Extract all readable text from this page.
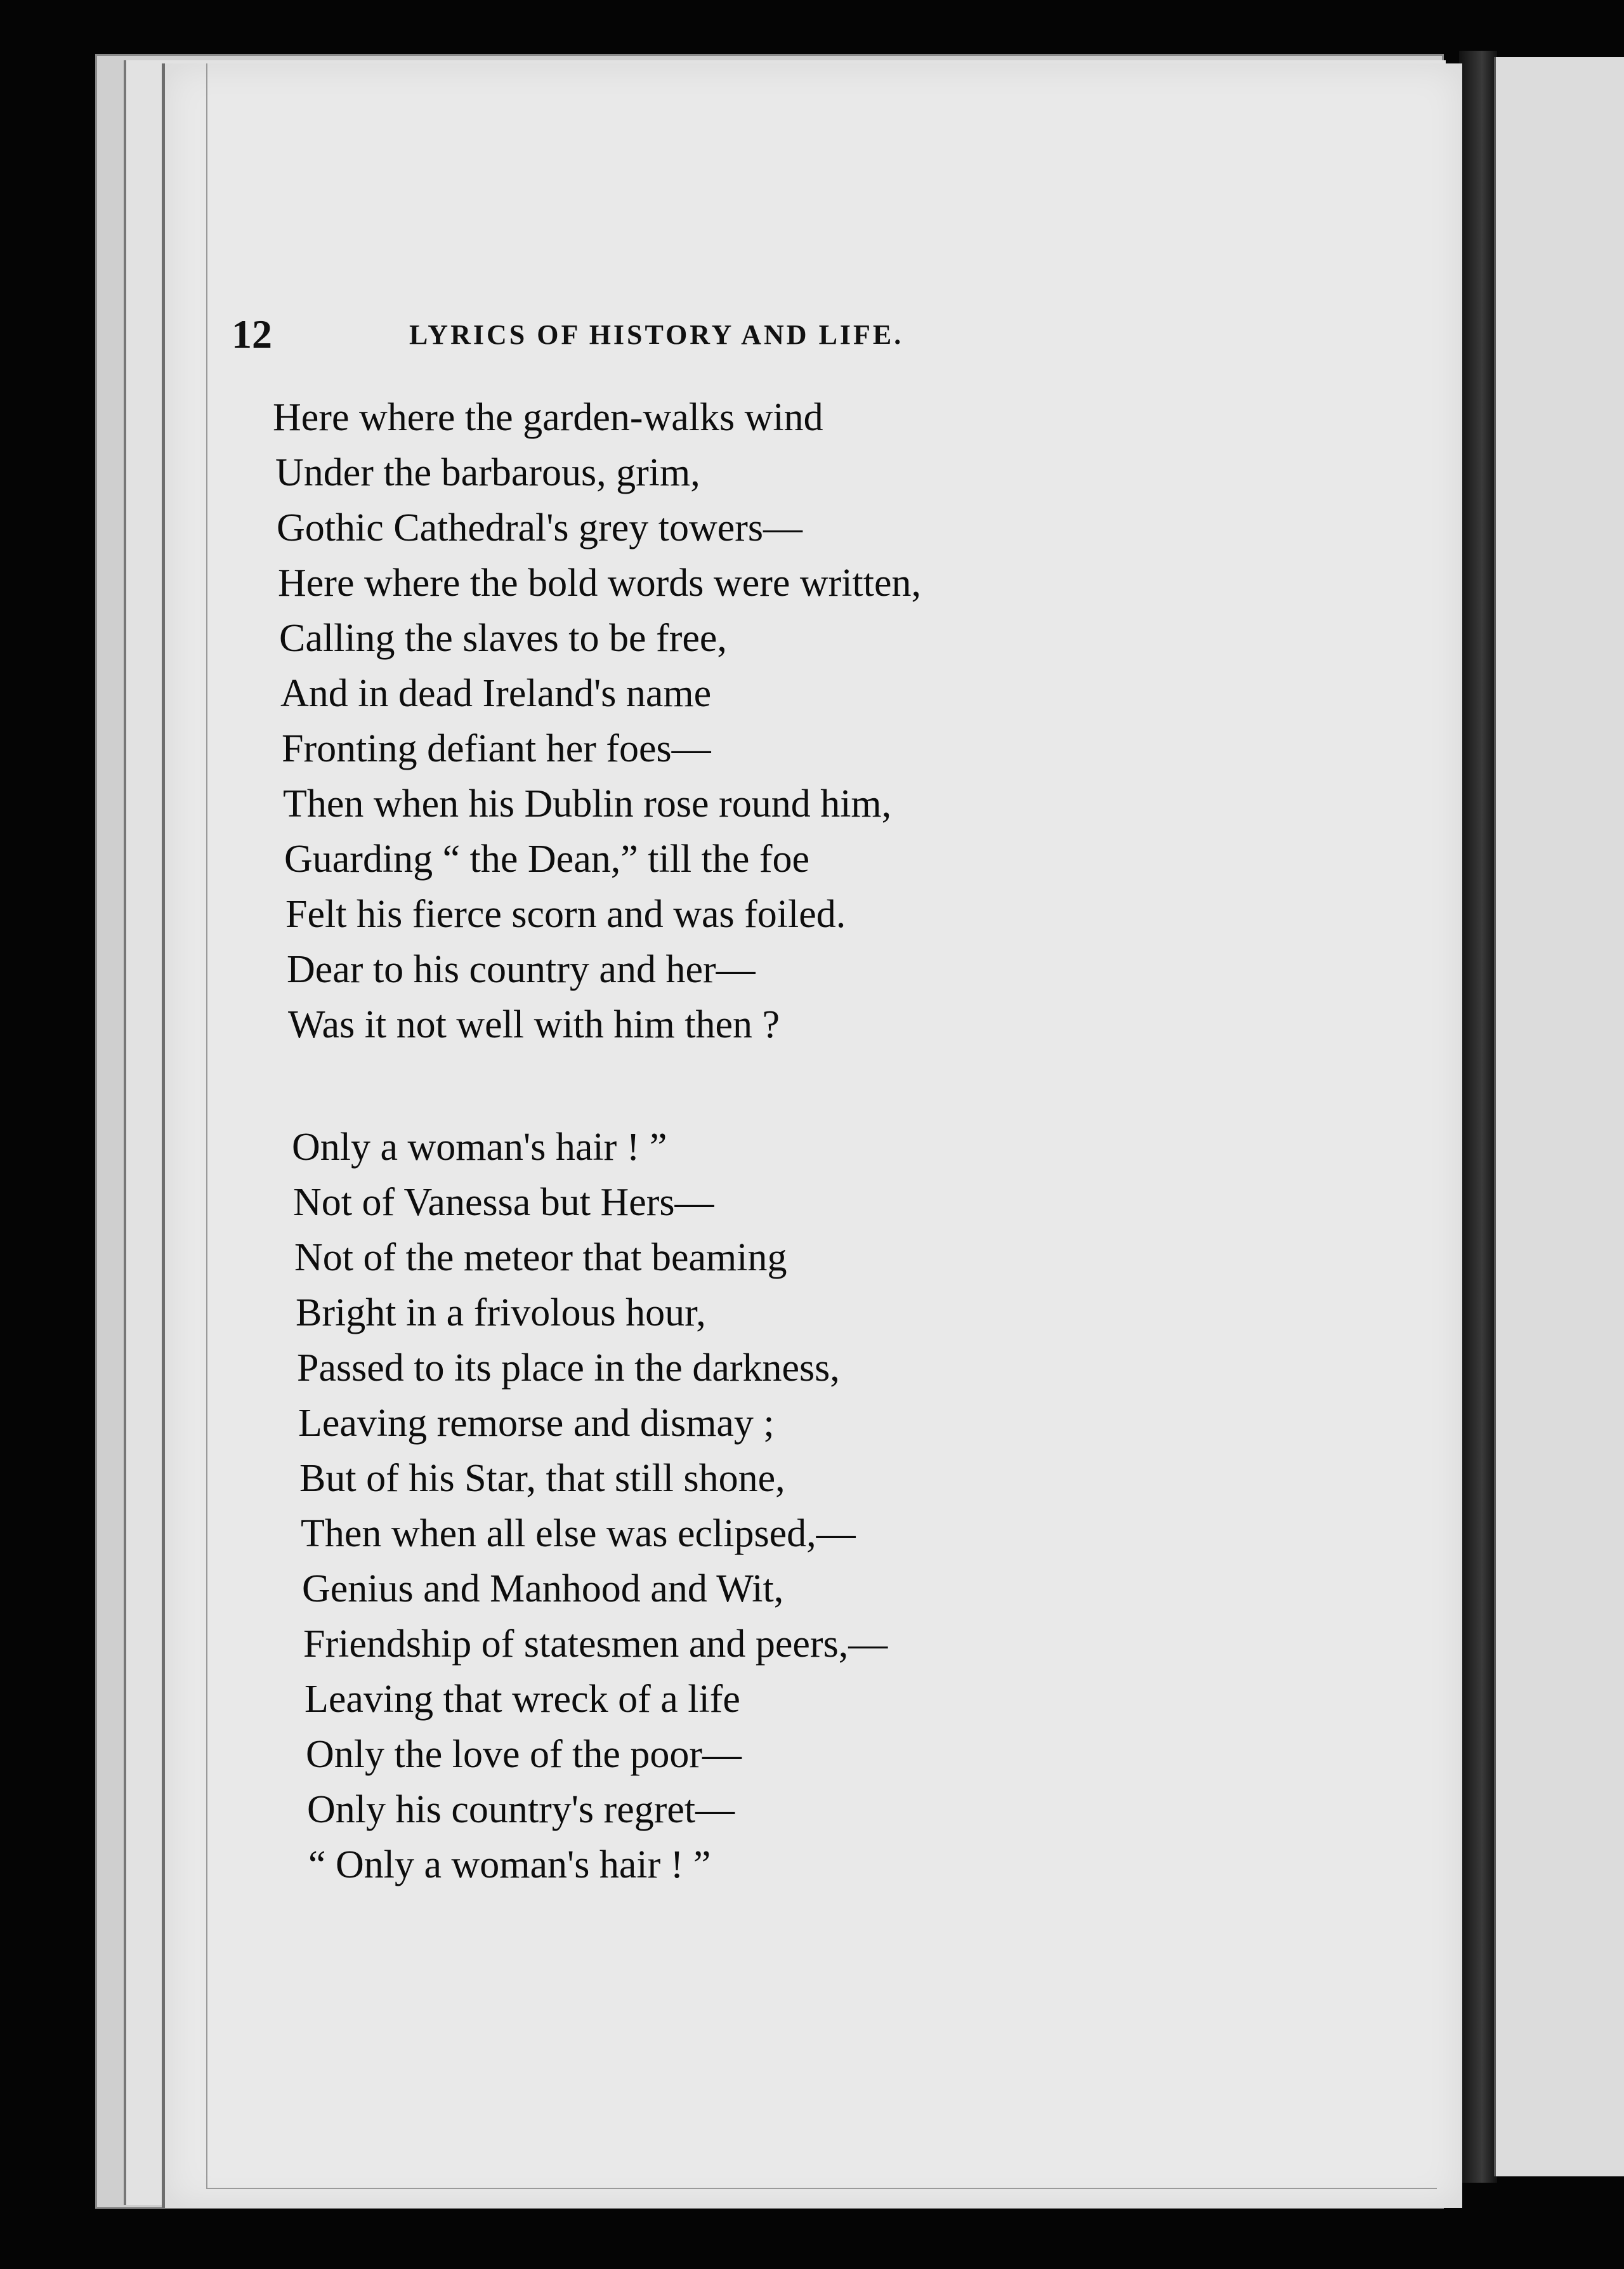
12	LYRICS OF HISTORY AND LIFE.
Here where the garden-walks wind
Under the barbarous, grim,
Gothic Cathedral's grey towers—
Here where the bold words were written,
Calling the slaves to be free,
And in dead Ireland's name
Fronting defiant her foes—
Then when his Dublin rose round him,
Guarding “ the Dean,” till the foe
Felt his fierce scorn and was foiled.
Dear to his country and her—
Was it not well with him then ?
Only a woman's hair ! ”
Not of Vanessa but Hers—
Not of the meteor that beaming
Bright in a frivolous hour,
Passed to its place in the darkness,
Leaving remorse and dismay ;
But of his Star, that still shone,
Then when all else was eclipsed,—
Genius and Manhood and Wit,
Friendship of statesmen and peers,—
Leaving that wreck of a life
Only the love of the poor—
Only his country's regret—
“ Only a woman's hair ! ”
